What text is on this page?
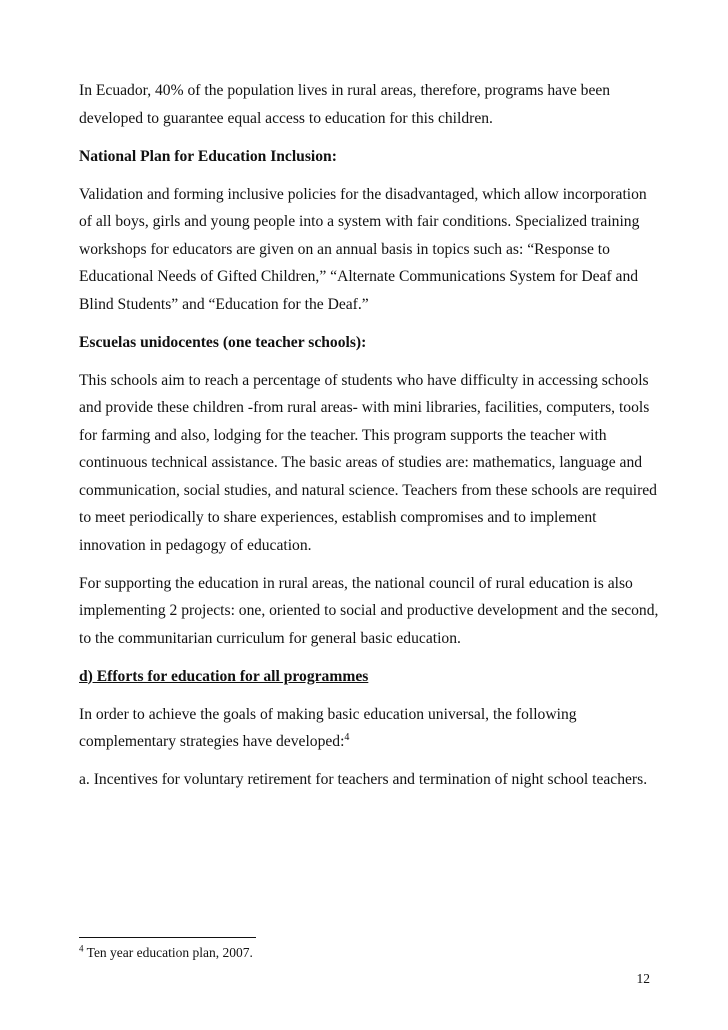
In Ecuador, 40% of the population lives in rural areas, therefore, programs have been developed to guarantee equal access to education for this children.

National Plan for Education Inclusion:

Validation and forming inclusive policies for the disadvantaged, which allow incorporation of all boys, girls and young people into a system with fair conditions. Specialized training workshops for educators are given on an annual basis in topics such as: “Response to Educational Needs of Gifted Children,” “Alternate Communications System for Deaf and Blind Students” and “Education for the Deaf.”

Escuelas unidocentes (one teacher schools):

This schools aim to reach a percentage of students who have difficulty in accessing schools and provide these children -from rural areas- with mini libraries, facilities, computers, tools for farming and also, lodging for the teacher. This program supports the teacher with continuous technical assistance. The basic areas of studies are: mathematics, language and communication, social studies, and natural science. Teachers from these schools are required to meet periodically to share experiences, establish compromises and to implement innovation in pedagogy of education.

For supporting the education in rural areas, the national council of rural education is also implementing 2 projects: one, oriented to social and productive development and the second, to the communitarian curriculum for general basic education.

d) Efforts for education for all programmes

In order to achieve the goals of making basic education universal, the following complementary strategies have developed:$^4$

a. Incentives for voluntary retirement for teachers and termination of night school teachers.

$^4$ Ten year education plan, 2007.
12
